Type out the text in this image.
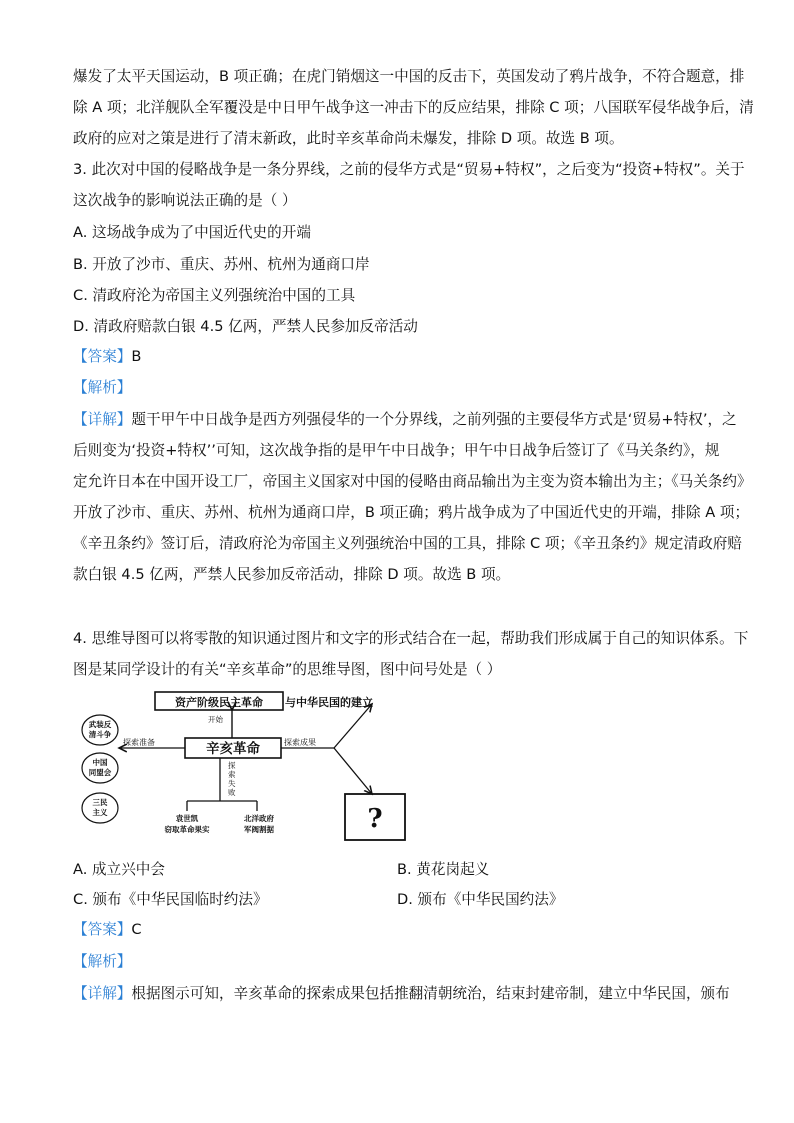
爆发了太平天国运动，B 项正确；在虎门销烟这一中国的反击下，英国发动了鸦片战争，不符合题意，排
除 A 项；北洋舰队全军覆没是中日甲午战争这一冲击下的反应结果，排除 C 项；八国联军侵华战争后，清
政府的应对之策是进行了清末新政，此时辛亥革命尚未爆发，排除 D 项。故选 B 项。
3. 此次对中国的侵略战争是一条分界线，之前的侵华方式是“贸易+特权”，之后变为“投资+特权”。关于
这次战争的影响说法正确的是（ ）
A. 这场战争成为了中国近代史的开端
B. 开放了沙市、重庆、苏州、杭州为通商口岸
C. 清政府沦为帝国主义列强统治中国的工具
D. 清政府赔款白银 4.5 亿两，严禁人民参加反帝活动
【答案】B
【解析】
【详解】题干甲午中日战争是西方列强侵华的一个分界线，之前列强的主要侵华方式是‘贸易+特权’，之
后则变为‘投资+特权’’可知，这次战争指的是甲午中日战争；甲午中日战争后签订了《马关条约》，规
定允许日本在中国开设工厂，帝国主义国家对中国的侵略由商品输出为主变为资本输出为主；《马关条约》
开放了沙市、重庆、苏州、杭州为通商口岸，B 项正确；鸦片战争成为了中国近代史的开端，排除 A 项；
《辛丑条约》签订后，清政府沦为帝国主义列强统治中国的工具，排除 C 项；《辛丑条约》规定清政府赔
款白银 4.5 亿两，严禁人民参加反帝活动，排除 D 项。故选 B 项。
4. 思维导图可以将零散的知识通过图片和文字的形式结合在一起，帮助我们形成属于自己的知识体系。下
图是某同学设计的有关“辛亥革命”的思维导图，图中问号处是（ ）
资产阶级民主革命 与中华民国的建立
开始
辛亥革命
探索准备
武装反
清斗争
中国
同盟会
三民
主义
探索成果
?
探
索
失
败
袁世凯
窃取革命果实
北洋政府
军阀割据
A. 成立兴中会	B. 黄花岗起义
C. 颁布《中华民国临时约法》	D. 颁布《中华民国约法》
【答案】C
【解析】
【详解】根据图示可知，辛亥革命的探索成果包括推翻清朝统治，结束封建帝制，建立中华民国，颁布
